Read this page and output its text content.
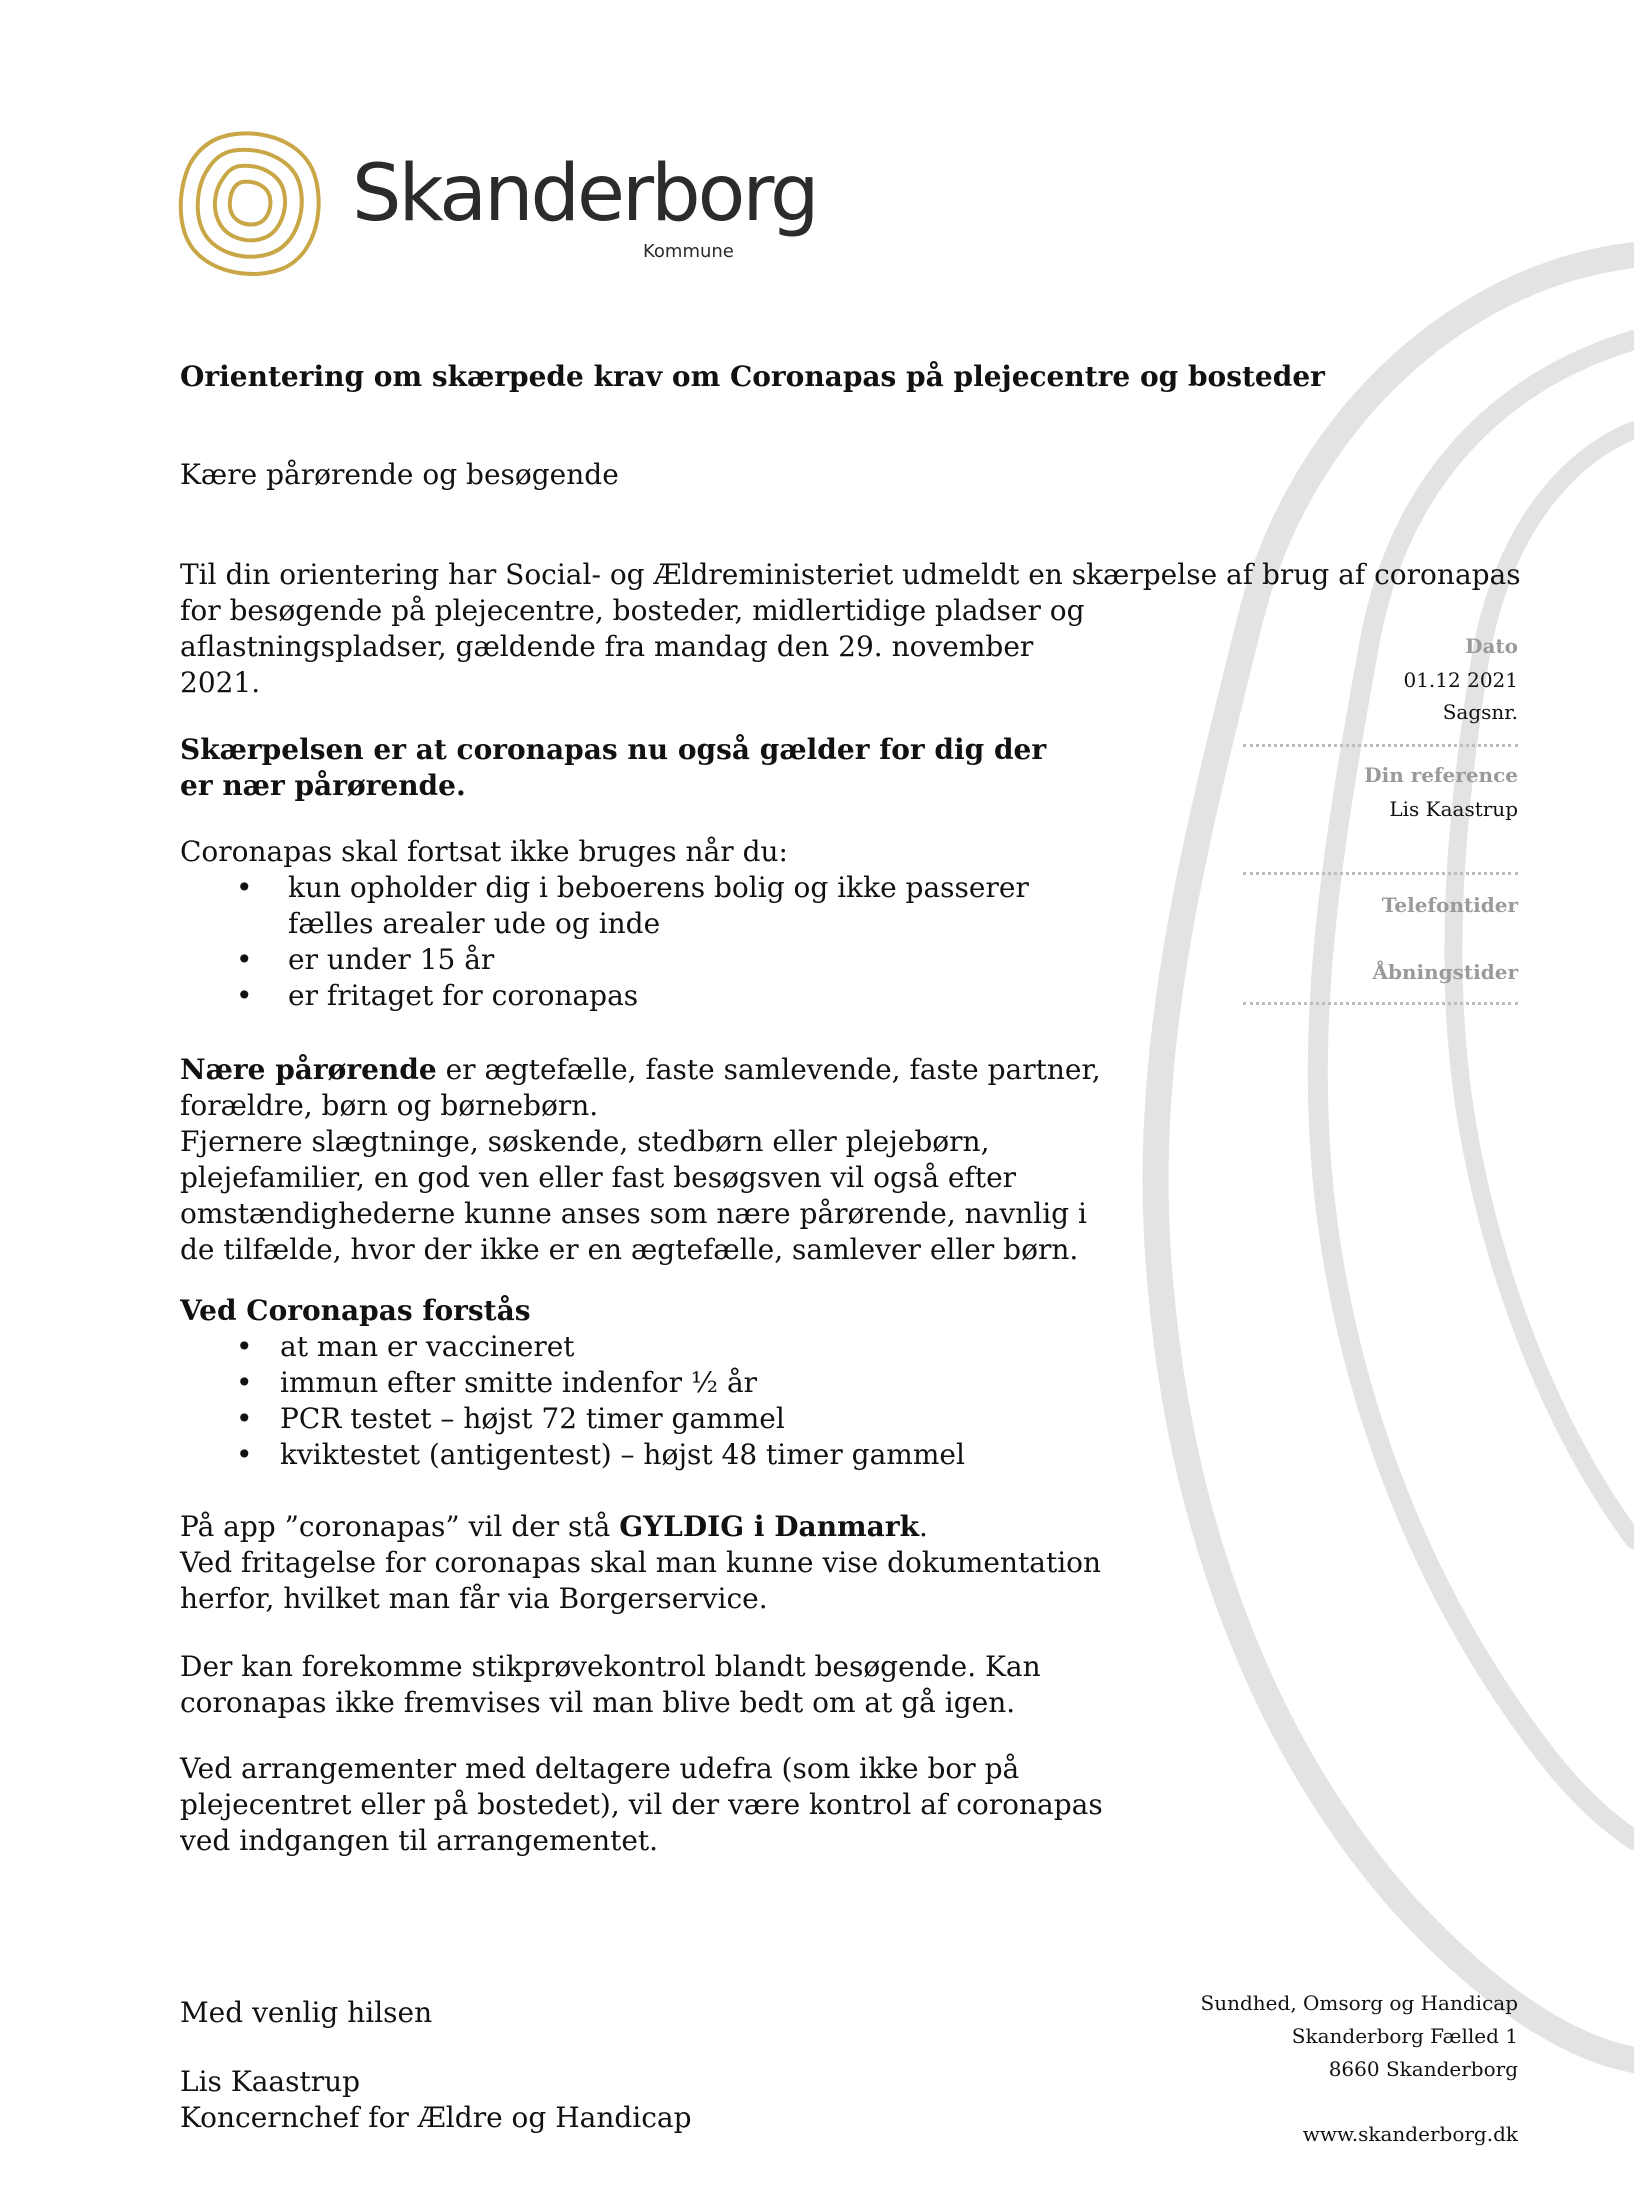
Skanderborg
Kommune
Orientering om skærpede krav om Coronapas på plejecentre og bosteder
Kære pårørende og besøgende
Til din orientering har Social- og Ældreministeriet udmeldt en skærpelse af brug af coronapas
for besøgende på plejecentre, bosteder, midlertidige pladser og
aflastningspladser, gældende fra mandag den 29. november
2021.
Skærpelsen er at coronapas nu også gælder for dig der
er nær pårørende.
Coronapas skal fortsat ikke bruges når du:
• kun opholder dig i beboerens bolig og ikke passerer
fælles arealer ude og inde
• er under 15 år
• er fritaget for coronapas
Nære pårørende er ægtefælle, faste samlevende, faste partner,
forældre, børn og børnebørn.
Fjernere slægtninge, søskende, stedbørn eller plejebørn,
plejefamilier, en god ven eller fast besøgsven vil også efter
omstændighederne kunne anses som nære pårørende, navnlig i
de tilfælde, hvor der ikke er en ægtefælle, samlever eller børn.
Ved Coronapas forstås
• at man er vaccineret
• immun efter smitte indenfor ½ år
• PCR testet – højst 72 timer gammel
• kviktestet (antigentest) – højst 48 timer gammel
På app ”coronapas” vil der stå GYLDIG i Danmark.
Ved fritagelse for coronapas skal man kunne vise dokumentation
herfor, hvilket man får via Borgerservice.
Der kan forekomme stikprøvekontrol blandt besøgende. Kan
coronapas ikke fremvises vil man blive bedt om at gå igen.
Ved arrangementer med deltagere udefra (som ikke bor på
plejecentret eller på bostedet), vil der være kontrol af coronapas
ved indgangen til arrangementet.
Dato
01.12 2021
Sagsnr.
Din reference
Lis Kaastrup
Telefontider
Åbningstider
Med venlig hilsen
Lis Kaastrup
Koncernchef for Ældre og Handicap
Sundhed, Omsorg og Handicap
Skanderborg Fælled 1
8660 Skanderborg
www.skanderborg.dk
